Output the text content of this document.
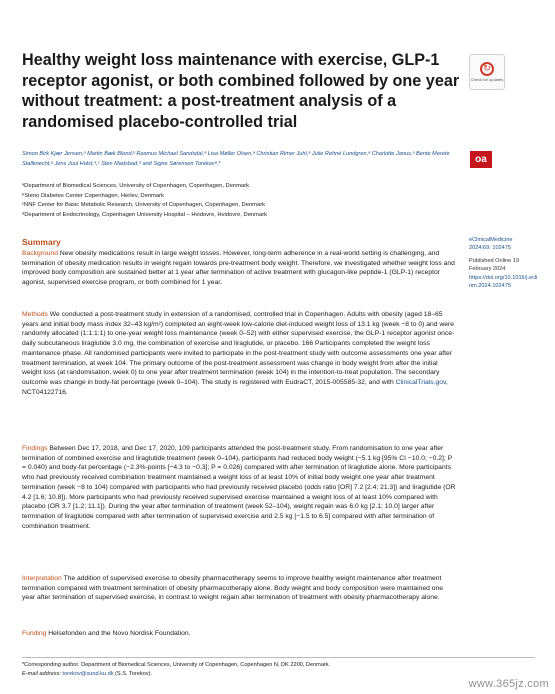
Healthy weight loss maintenance with exercise, GLP-1 receptor agonist, or both combined followed by one year without treatment: a post-treatment analysis of a randomised placebo-controlled trial
↻
Check for updates
Simon Birk Kjær Jensen,ᵃ Martin Bæk Blond,ᵇ Rasmus Michael Sandsdal,ᵃ Lisa Møller Olsen,ᵃ Christian Rimer Juhl,ᵃ Julie Rehné Lundgren,ᵃ Charlotte Janus,ᵃ Bente Merete Stallknecht,ᵃ Jens Juul Holst,ᵃ,ᶜ Sten Madsbad,ᵈ and Signe Sørensen Torekovᵃ,*	oa
ᵃDepartment of Biomedical Sciences, University of Copenhagen, Copenhagen, Denmark
ᵇSteno Diabetes Center Copenhagen, Herlev, Denmark
ᶜNNF Center for Basic Metabolic Research, University of Copenhagen, Copenhagen, Denmark
ᵈDepartment of Endocrinology, Copenhagen University Hospital – Hvidovre, Hvidovre, Denmark
eClinicalMedicine
2024;69: 102475
Published Online 19 February 2024
https://doi.org/10.1016/j.eclinm.2024.102475
Summary

Background New obesity medications result in large weight losses. However, long-term adherence in a real-world setting is challenging, and termination of obesity medication results in weight regain towards pre-treatment body weight. Therefore, we investigated whether weight loss and improved body composition are sustained better at 1 year after termination of active treatment with glucagon-like peptide-1 (GLP-1) receptor agonist, supervised exercise program, or both combined for 1 year.

Methods We conducted a post-treatment study in extension of a randomised, controlled trial in Copenhagen. Adults with obesity (aged 18–65 years and initial body mass index 32–43 kg/m²) completed an eight-week low-calorie diet-induced weight loss of 13.1 kg (week −8 to 0) and were randomly allocated (1:1:1:1) to one-year weight loss maintenance (week 0–52) with either supervised exercise, the GLP-1 receptor agonist once-daily subcutaneous liraglutide 3.0 mg, the combination of exercise and liraglutide, or placebo. 166 Participants completed the weight loss maintenance phase. All randomised participants were invited to participate in the post-treatment study with outcome assessments one year after treatment termination, at week 104. The primary outcome of the post-treatment assessment was change in body weight from after the initial weight loss (at randomisation, week 0) to one year after treatment termination (week 104) in the intention-to-treat population. The secondary outcome was change in body-fat percentage (week 0–104). The study is registered with EudraCT, 2015-005585-32, and with ClinicalTrials.gov, NCT04122716.

Findings Between Dec 17, 2018, and Dec 17, 2020, 109 participants attended the post-treatment study. From randomisation to one year after termination of combined exercise and liraglutide treatment (week 0–104), participants had reduced body weight (−5.1 kg [95% CI −10.0; −0.2]; P = 0.040) and body-fat percentage (−2.3%-points [−4.3 to −0.3]; P = 0.026) compared with after termination of liraglutide alone. More participants who had previously received combination treatment maintained a weight loss of at least 10% of initial body weight one year after treatment termination (week −8 to 104) compared with participants who had previously received placebo (odds ratio [OR] 7.2 [2.4; 21.3]) and liraglutide (OR 4.2 [1.6; 10.8]). More participants who had previously received supervised exercise maintained a weight loss of at least 10% compared with placebo (OR 3.7 [1.2; 11.1]). During the year after termination of treatment (week 52–104), weight regain was 6.0 kg [2.1; 10.0] larger after termination of liraglutide compared with after termination of supervised exercise and 2.5 kg [−1.5 to 6.5] compared with after termination of combination treatment.

Interpretation The addition of supervised exercise to obesity pharmacotherapy seems to improve healthy weight maintenance after treatment termination compared with treatment termination of obesity pharmacotherapy alone. Body weight and body composition were maintained one year after termination of supervised exercise, in contrast to weight regain after termination of treatment with obesity pharmacotherapy alone.

Funding Helsefonden and the Novo Nordisk Foundation.

*Corresponding author. Department of Biomedical Sciences, University of Copenhagen, Copenhagen N, DK 2200, Denmark.
E-mail address: torekov@sund.ku.dk (S.S. Torekov).
www.365jz.com
